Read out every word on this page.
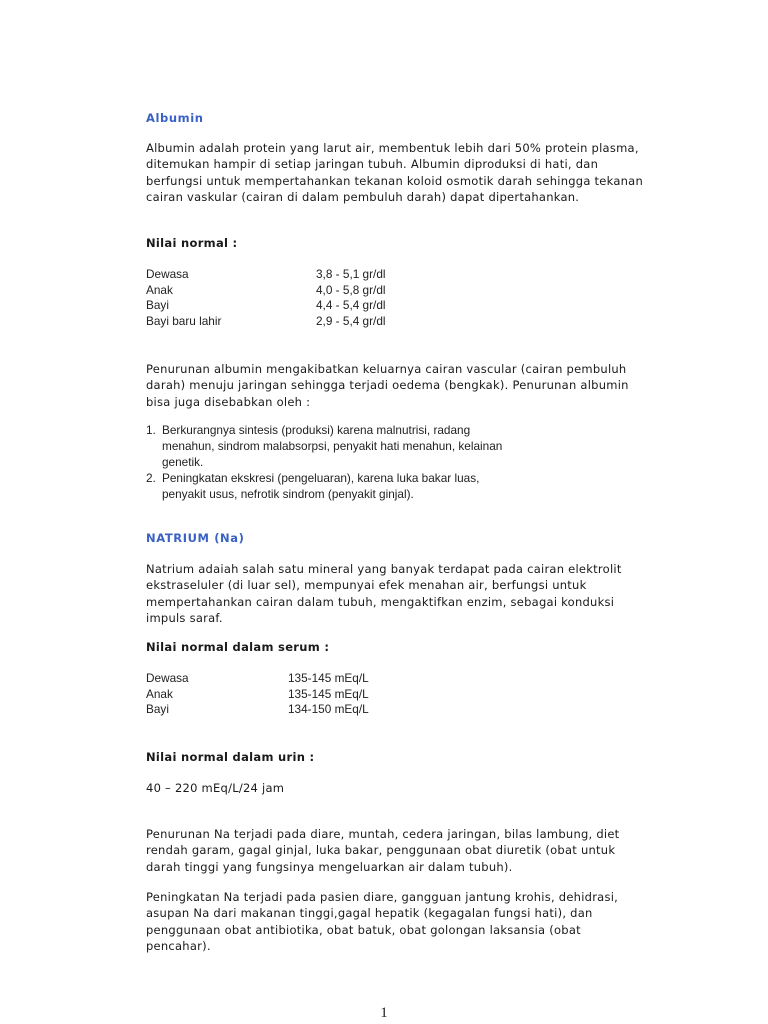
Albumin

Albumin adalah protein yang larut air, membentuk lebih dari 50% protein plasma, ditemukan hampir di setiap jaringan tubuh. Albumin diproduksi di hati, dan berfungsi untuk mempertahankan tekanan koloid osmotik darah sehingga tekanan cairan vaskular (cairan di dalam pembuluh darah) dapat dipertahankan.

Nilai normal :
Dewasa	3,8 - 5,1 gr/dl
Anak	4,0 - 5,8 gr/dl
Bayi	4,4 - 5,4 gr/dl
Bayi baru lahir	2,9 - 5,4 gr/dl

Penurunan albumin mengakibatkan keluarnya cairan vascular (cairan pembuluh darah) menuju jaringan sehingga terjadi oedema (bengkak). Penurunan albumin bisa juga disebabkan oleh :

1. Berkurangnya sintesis (produksi) karena malnutrisi, radang menahun, sindrom malabsorpsi, penyakit hati menahun, kelainan genetik.
2. Peningkatan ekskresi (pengeluaran), karena luka bakar luas, penyakit usus, nefrotik sindrom (penyakit ginjal).
NATRIUM (Na)

Natrium adaiah salah satu mineral yang banyak terdapat pada cairan elektrolit ekstraseluler (di luar sel), mempunyai efek menahan air, berfungsi untuk mempertahankan cairan dalam tubuh, mengaktifkan enzim, sebagai konduksi impuls saraf.

Nilai normal dalam serum :
Dewasa	135-145 mEq/L
Anak	135-145 mEq/L
Bayi	134-150 mEq/L
Nilai normal dalam urin :

40 – 220 mEq/L/24 jam

Penurunan Na terjadi pada diare, muntah, cedera jaringan, bilas lambung, diet rendah garam, gagal ginjal, luka bakar, penggunaan obat diuretik (obat untuk darah tinggi yang fungsinya mengeluarkan air dalam tubuh).

Peningkatan Na terjadi pada pasien diare, gangguan jantung krohis, dehidrasi, asupan Na dari makanan tinggi,gagal hepatik (kegagalan fungsi hati), dan penggunaan obat antibiotika, obat batuk, obat golongan laksansia (obat pencahar).

1
